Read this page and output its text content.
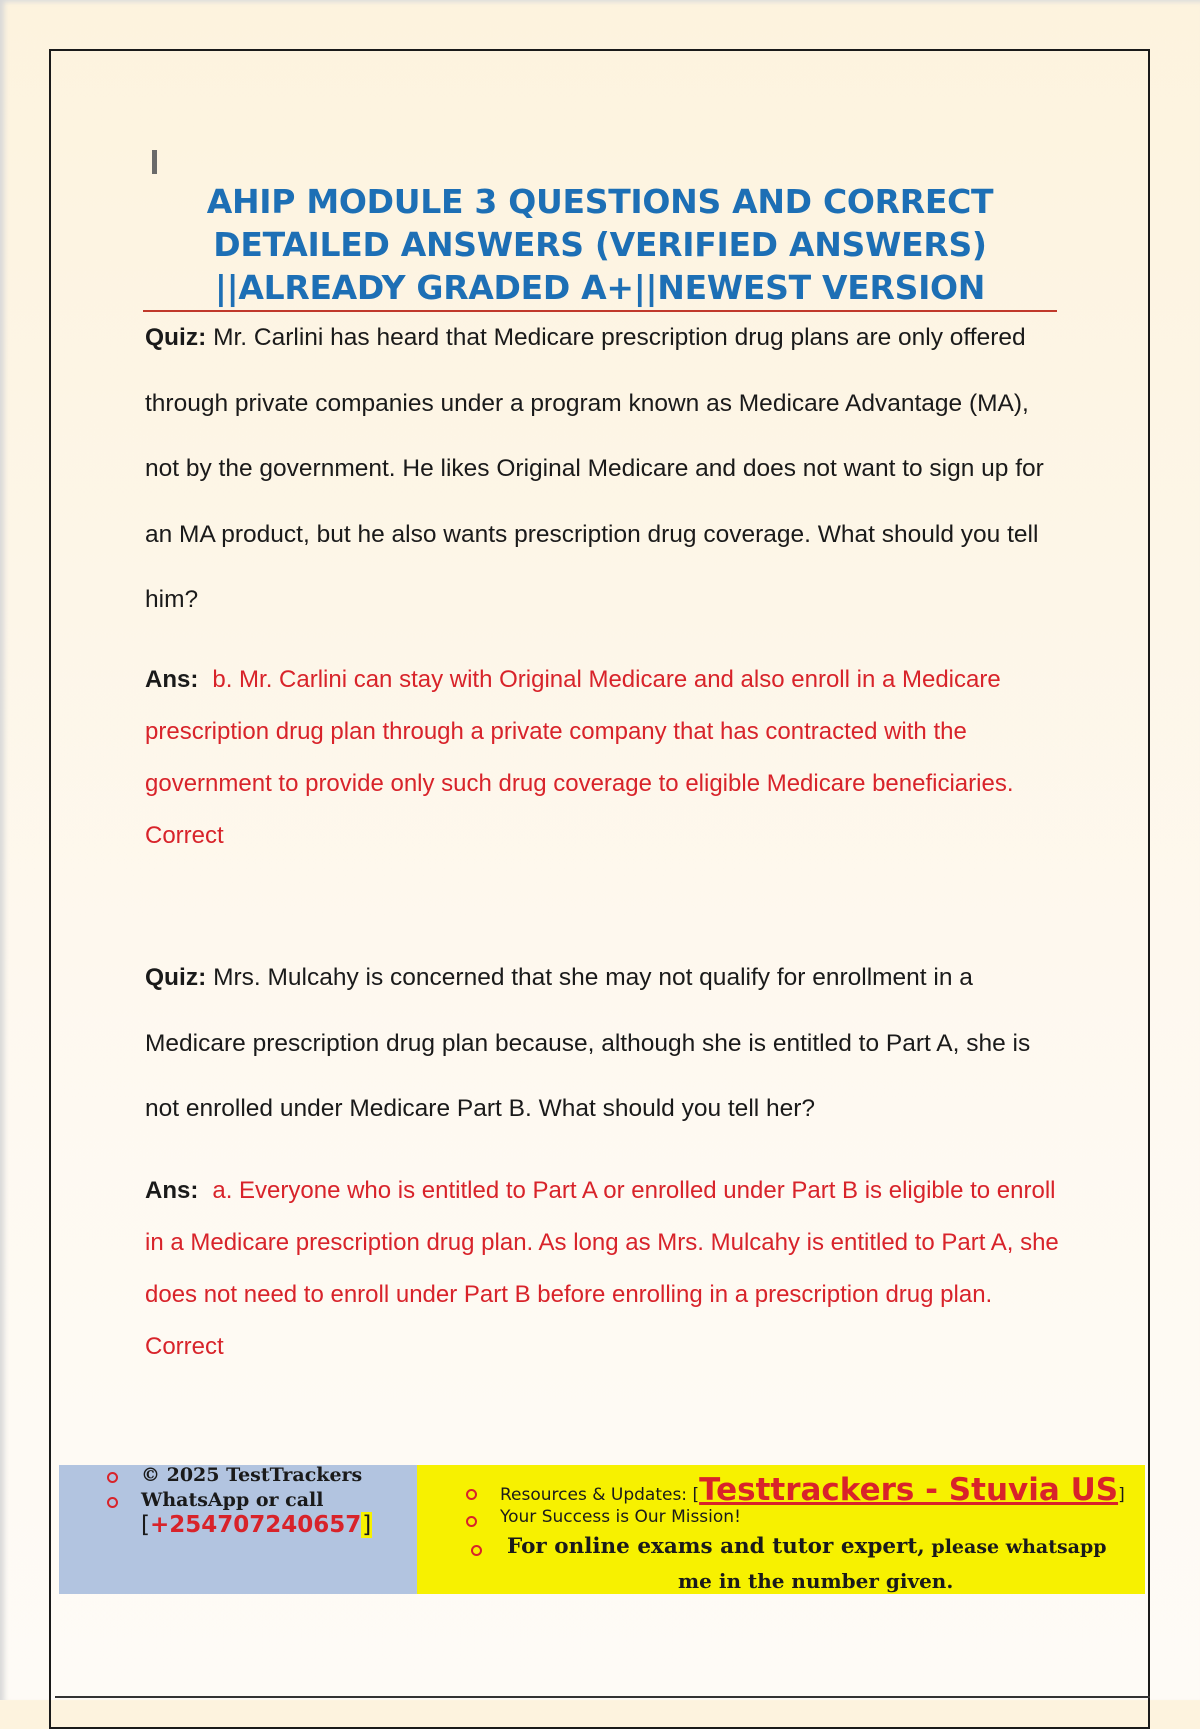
AHIP MODULE 3 QUESTIONS AND CORRECT
DETAILED ANSWERS (VERIFIED ANSWERS)
||ALREADY GRADED A+||NEWEST VERSION

Quiz: Mr. Carlini has heard that Medicare prescription drug plans are only offered through private companies under a program known as Medicare Advantage (MA), not by the government. He likes Original Medicare and does not want to sign up for an MA product, but he also wants prescription drug coverage. What should you tell him?

Ans: b. Mr. Carlini can stay with Original Medicare and also enroll in a Medicare prescription drug plan through a private company that has contracted with the government to provide only such drug coverage to eligible Medicare beneficiaries. Correct

Quiz: Mrs. Mulcahy is concerned that she may not qualify for enrollment in a Medicare prescription drug plan because, although she is entitled to Part A, she is not enrolled under Medicare Part B. What should you tell her?

Ans: a. Everyone who is entitled to Part A or enrolled under Part B is eligible to enroll in a Medicare prescription drug plan. As long as Mrs. Mulcahy is entitled to Part A, she does not need to enroll under Part B before enrolling in a prescription drug plan. Correct

© 2025 TestTrackers
WhatsApp or call
[+254707240657]
Resources & Updates: [Testtrackers - Stuvia US]
Your Success is Our Mission!
For online exams and tutor expert, please whatsapp
me in the number given.
